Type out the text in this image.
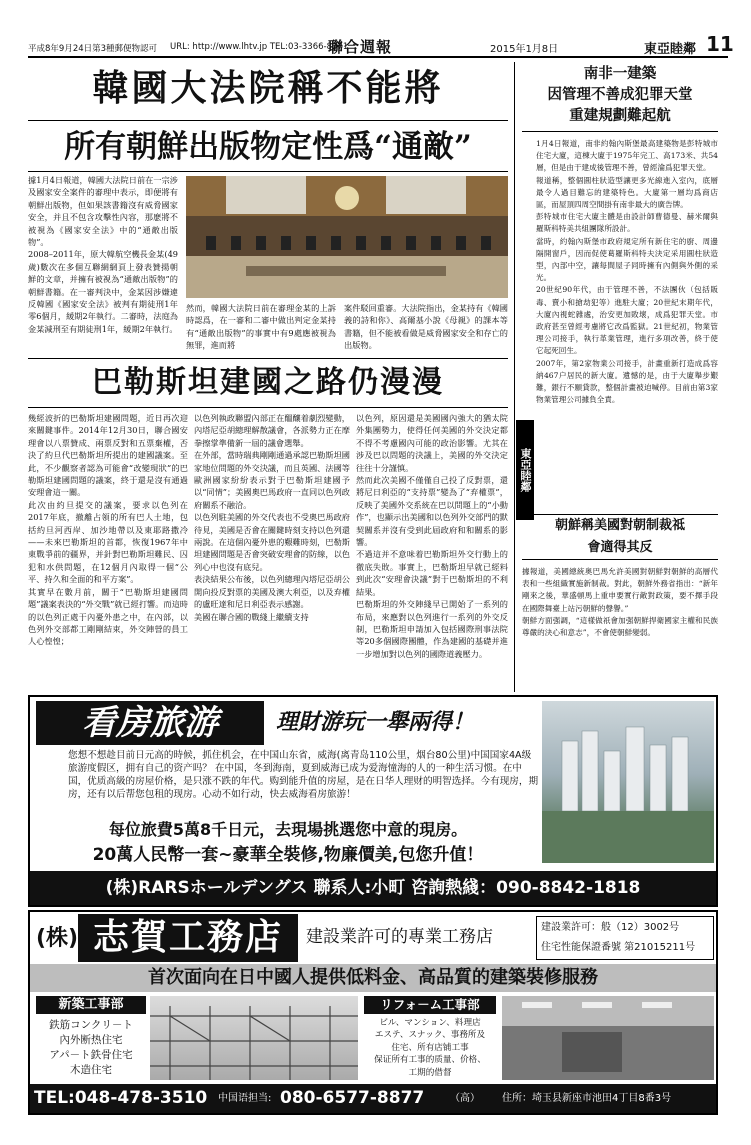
平成8年9月24日第3種郵便物認可 URL: http://www.lhtv.jp TEL:03-3366-8071
聯合週報	2015年1月8日	東亞睦鄰 11
韓國大法院稱不能將
所有朝鮮出版物定性爲“通敵”
據1月4日報道，韓國大法院日前在一宗涉及國家安全案件的審理中表示，即便將有朝鮮出版物，但如果該書籍沒有威脅國家安全，并且不包含攻擊性內容，那麽將不被視為《國家安全法》中的“通敵出版物”。
2008–2011年，原大韓航空機長金某(49歲)數次在多個互聯網網頁上發表贊揚朝鮮的文章，并擁有被視為“通敵出版物”的朝鮮書籍。在一審判決中，金某因涉嫌違反韓國《國家安全法》被判有期徒刑1年零6個月，緩期2年執行。二審時，法庭為金某減刑至有期徒刑1年，緩期2年執行。
然而，韓國大法院日前在審理金某的上訴時認爲，在一審和二審中做出判定金某持有“通敵出版物”的事實中有9處應被視為無罪，進而將
案件駁回重審。大法院指出，金某持有《韓國義的詩和你》、高爾基小說《母親》的課本等書籍，但不能被看做是威脅國家安全和存亡的出版物。
巴勒斯坦建國之路仍漫漫
幾經波折的巴勒斯坦建國問題，近日再次迎來關鍵事件。2014年12月30日，聯合國安理會以八票贊成、兩票反對和五票棄權，否決了約旦代巴勒斯坦所提出的建國議案。至此，不少觀察者認為可能會“改變現狀”的巴勒斯坦建國問題的議案，終于還是沒有通過安理會這一關。
此次由約旦提交的議案，要求以色列在2017年底，撤離占領的所有巴人土地，包括約旦河西岸、加沙地帶以及東耶路撒冷——未來巴勒斯坦的首都，恢復1967年中東戰爭前的疆界，并針對巴勒斯坦難民、囚犯和水供問題，在12個月內取得一個“公平、持久和全面的和平方案”。
其實早在數月前，關于“巴勒斯坦建國問題”議案表決的“外交戰”就已經打響。而這時的以色列正處于內憂外患之中，在內部，以色列外交部都工剛剛結束，外交陣營的員工人心惶惶；
以色列執政聯盟內部正在醞釀着劇烈變動，內塔尼亞胡總理解散議會，各派勢力正在摩拳擦掌準備新一屆的議會選舉。
在外部，當時瑞典剛剛通過承認巴勒斯坦國家地位問題的外交決議，而且英國、法國等歐洲國家紛紛表示對于巴勒斯坦建國予以“同情”；美國奧巴馬政府一直同以色列政府關系不融洽。
以色列駐美國的外交代表也不受奧巴馬政府待見，美國是否會在關鍵時刻支持以色列還兩說。在這個內憂外患的艱難時刻，巴勒斯坦建國問題是否會突破安理會的防線，以色列心中也沒有底兒。
表決結果公布後，以色列總理內塔尼亞胡公開向投反對票的美國及澳大利亞，以及弃權的盧旺達和尼日利亞表示感謝。
美國在聯合國的戰綫上繼續支持
以色列，原因還是美國國內強大的猶太院外集團勢力，使得任何美國的外交決定都不得不考慮國內可能的政治影響。尤其在涉及巴以問題的決議上，美國的外交決定往往十分謹慎。
然而此次美國不僅僅自己投了反對票，還將尼日利亞的“支持票”變為了“弃權票”，反映了美國外交系統在巴以問題上的“小動作”，也顯示出美國和以色列外交部門的默契關系并沒有受到此屆政府和和關系的影響。
不過這并不意味着巴勒斯坦外交行動上的徹底失敗。事實上，巴勒斯坦早就已經料到此次“安理會決議”對于巴勒斯坦的不利結果。
巴勒斯坦的外交陣綫早已開始了一系列的布局，來應對以色列進行一系列的外交反制，巴勒斯坦申請加入包括國際刑事法院等20多個國際團體，作為建國的基礎并進一步增加對以色列的國際道義壓力。
南非一建築
因管理不善成犯罪天堂
重建規劃難起航
1月4日報道，南非約翰內斯堡最高建築物是彭特城市住宅大廈，這棟大廈于1975年完工、高173米、共54層，但是由于建成後管理不善，曾經淪爲犯罪天堂。
報道稱，整個圓柱狀造型讓更多光線進入室內，底層最令人過目難忘的建築特色。大廈第一層均爲商店區，而屋頂四周空間掛有南非最大的廣告牌。
彭特城市住宅大廈主體是由設計師曹德曼、赫米爾與羅斯科特美共組團隊所設計。
當時，約翰內斯堡市政府規定所有新住宅的廚、周邊隔開窗戶，因而促使葛羅斯科特夫決定采用圓柱狀造型，內部中空，讓每間屋子同時擁有內側與外側的采光。
20世紀90年代，由于管理不善，不法團伙（包括販毒、賣小和搶劫犯等）進駐大廈；20世紀末期年代，大廈內視蛇雜處，治安更加敗壞，成爲犯罪天堂。市政府甚至曾經考慮將它改爲監獄。21世紀初，物業管理公司接手，執行革業管理，進行多項改善，終于使它起死回生。
2007年，第2家物業公司接手，計畫重新打造成爲容納467户居民的新大廈。遺憾的是，由于大廈舉步艱難，銀行不願貸款，整個計畫被迫喊停。目前由第3家物業管理公司據負全責。
東亞睦鄰
朝鮮稱美國對朝制裁祗
會適得其反
據報道，美國總統奥巴馬允許美國對朝鮮對朝鮮的高層代表和一些組織實施新制裁。對此，朝鮮外務省指出：“新年剛來之後，華盛頓馬上重申要實行敵對政策，要不擇手段在國際舞臺上站污朝鮮的聲譽。”
朝鮮方面强調，“這樣做祇會加强朝鮮捍衛國家主權和民族尊嚴的決心和意志”，不會使朝鮮變弱。
看房旅游	理財游玩一舉兩得！
您想不想趁目前日元高的時候，抓住机会，在中国山东省，威海(离青岛110公里，烟台80公里)中国国家4A级旅游度假区，拥有自己的资产吗？ 在中国，冬到海南，夏到威海已成为爱海憧海的人的一种生活习惯。在中国，优质高級的房屋价格，是只涨不跌的年代。购到能升值的房屋，是在日华人理财的明智选择。今有现房，期房，还有以后帮您包租的现房。心动不如行动，快去威海看房旅游！
每位旅費5萬8千日元，去現場挑選您中意的現房。
20萬人民幣一套~豪華全裝修,物廉價美,包您升值！
(株)RARSホールデングス 聯系人:小町 咨詢熱綫：090-8842-1818
(株) 志賀工務店	建設業許可的專業工務店	建設業許可：般（12）3002号
住宅性能保證番號 第21015211号
首次面向在日中國人提供低料金、高品質的建築裝修服務
新築工事部
鉄筋コンクリ－ト
內外断热住宅
アパ－ト鉄骨住宅
木造住宅
リフォ－ム工事部
ビル、マンション、料理店
エステ、スナック、事務所及
住宅、所有店铺工事
保证所有工事的质量、价格、
工期的借督
TEL:048-478-3510 中国语担当: 080-6577-8877	（高） 住所：埼玉县新座市池田4丁目8番3号
